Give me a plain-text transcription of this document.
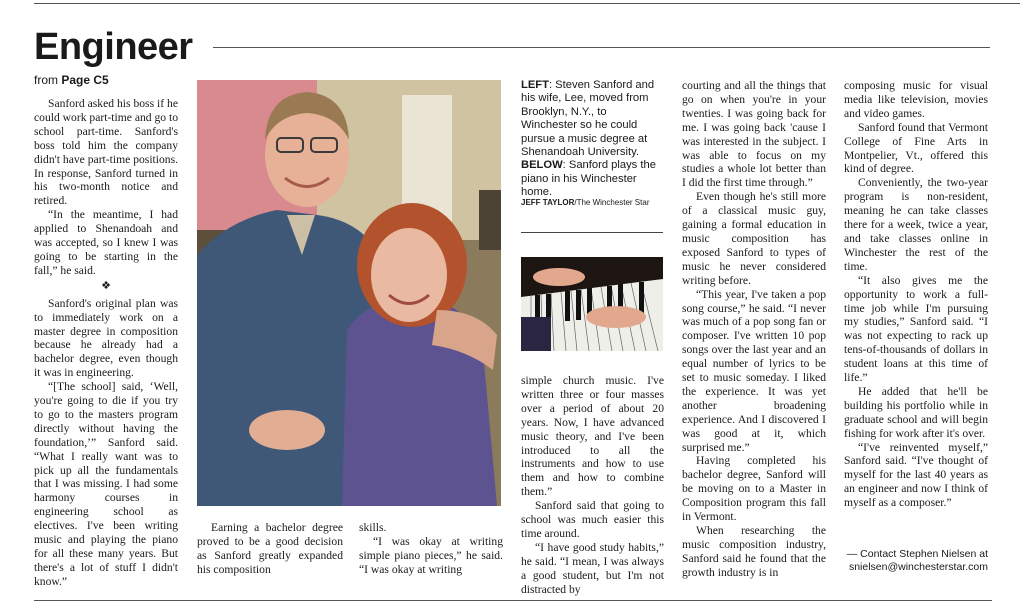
Engineer
from Page C5

Sanford asked his boss if he could work part-time and go to school part-time. Sanford's boss told him the company didn't have part-time positions. In response, Sanford turned in his two-month notice and retired.

“In the meantime, I had applied to Shenandoah and was accepted, so I knew I was going to be starting in the fall,” he said.

❖

Sanford's original plan was to immediately work on a master degree in composition because he already had a bachelor degree, even though it was in engineering.

“[The school] said, ‘Well, you're going to die if you try to go to the masters program directly without having the foundation,’” Sanford said. “What I really want was to pick up all the fundamentals that I was missing. I had some harmony courses in engineering school as electives. I've been writing music and playing the piano for all these many years. But there's a lot of stuff I didn't know.”

Earning a bachelor degree proved to be a good decision as Sanford greatly expanded his composition

skills.

“I was okay at writing simple piano pieces,” he said. “I was okay at writing

LEFT: Steven Sanford and his wife, Lee, moved from Brooklyn, N.Y., to Winchester so he could pursue a music degree at Shenandoah University. BELOW: Sanford plays the piano in his Winchester home.
JEFF TAYLOR/The Winchester Star

simple church music. I've written three or four masses over a period of about 20 years. Now, I have advanced music theory, and I've been introduced to all the instruments and how to use them and how to combine them.”

Sanford said that going to school was much easier this time around.

“I have good study habits,” he said. “I mean, I was always a good student, but I'm not distracted by

courting and all the things that go on when you're in your twenties. I was going back for me. I was going back 'cause I was interested in the subject. I was able to focus on my studies a whole lot better than I did the first time through.”

Even though he's still more of a classical music guy, gaining a formal education in music composition has exposed Sanford to types of music he never considered writing before.

“This year, I've taken a pop song course,” he said. “I never was much of a pop song fan or composer. I've written 10 pop songs over the last year and an equal number of lyrics to be set to music someday. I liked the experience. It was yet another broadening experience. And I discovered I was good at it, which surprised me.”

Having completed his bachelor degree, Sanford will be moving on to a Master in Composition program this fall in Vermont.

When researching the music composition industry, Sanford said he found that the growth industry is in

composing music for visual media like television, movies and video games.

Sanford found that Vermont College of Fine Arts in Montpelier, Vt., offered this kind of degree.

Conveniently, the two-year program is non-resident, meaning he can take classes there for a week, twice a year, and take classes online in Winchester the rest of the time.

“It also gives me the opportunity to work a full-time job while I'm pursuing my studies,” Sanford said. “I was not expecting to rack up tens-of-thousands of dollars in student loans at this time of life.”

He added that he'll be building his portfolio while in graduate school and will begin fishing for work after it's over.

“I've reinvented myself,” Sanford said. “I've thought of myself for the last 40 years as an engineer and now I think of myself as a composer.”

— Contact Stephen Nielsen at
snielsen@winchesterstar.com
